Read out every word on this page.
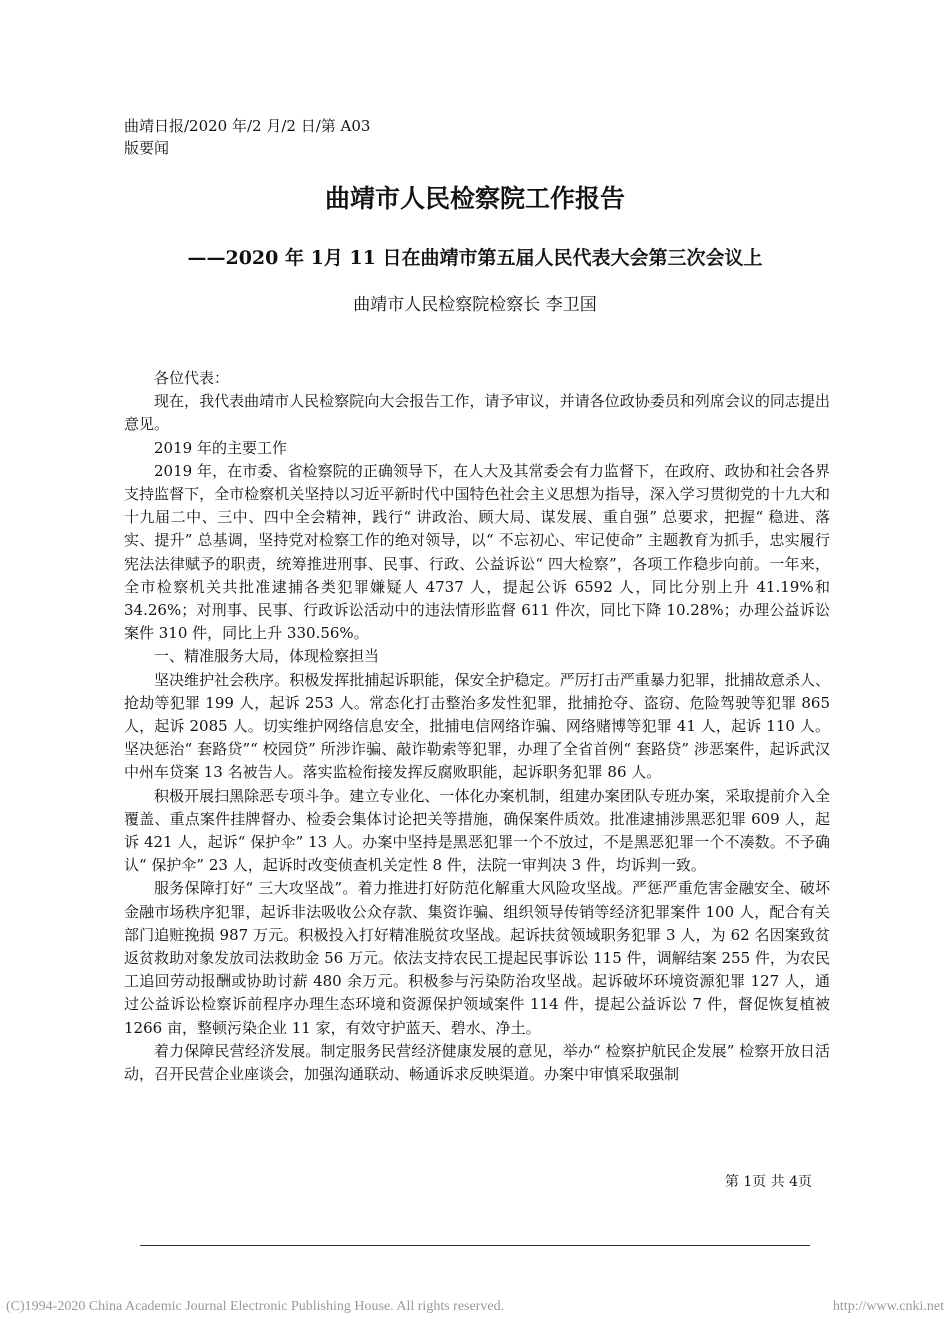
曲靖日报/2020 年/2 月/2 日/第 A03
版要闻
曲靖市人民检察院工作报告
——2020 年 1月 11 日在曲靖市第五届人民代表大会第三次会议上
曲靖市人民检察院检察长 李卫国

各位代表：

现在，我代表曲靖市人民检察院向大会报告工作，请予审议，并请各位政协委员和列席会议的同志提出意见。

2019 年的主要工作

2019 年，在市委、省检察院的正确领导下，在人大及其常委会有力监督下，在政府、政协和社会各界支持监督下，全市检察机关坚持以习近平新时代中国特色社会主义思想为指导，深入学习贯彻党的十九大和十九届二中、三中、四中全会精神，践行“ 讲政治、顾大局、谋发展、重自强” 总要求，把握“ 稳进、落实、提升” 总基调，坚持党对检察工作的绝对领导，以“ 不忘初心、牢记使命” 主题教育为抓手，忠实履行宪法法律赋予的职责，统筹推进刑事、民事、行政、公益诉讼“ 四大检察”，各项工作稳步向前。一年来，全市检察机关共批准逮捕各类犯罪嫌疑人 4737 人，提起公诉 6592 人，同比分别上升 41.19%和 34.26%；对刑事、民事、行政诉讼活动中的违法情形监督 611 件次，同比下降 10.28%；办理公益诉讼案件 310 件，同比上升 330.56%。

一、精准服务大局，体现检察担当

坚决维护社会秩序。积极发挥批捕起诉职能，保安全护稳定。严厉打击严重暴力犯罪，批捕故意杀人、抢劫等犯罪 199 人，起诉 253 人。常态化打击整治多发性犯罪，批捕抢夺、盗窃、危险驾驶等犯罪 865 人，起诉 2085 人。切实维护网络信息安全，批捕电信网络诈骗、网络赌博等犯罪 41 人，起诉 110 人。坚决惩治“ 套路贷”“ 校园贷” 所涉诈骗、敲诈勒索等犯罪，办理了全省首例“ 套路贷” 涉恶案件，起诉武汉中州车贷案 13 名被告人。落实监检衔接发挥反腐败职能，起诉职务犯罪 86 人。

积极开展扫黑除恶专项斗争。建立专业化、一体化办案机制，组建办案团队专班办案，采取提前介入全覆盖、重点案件挂牌督办、检委会集体讨论把关等措施，确保案件质效。批准逮捕涉黑恶犯罪 609 人，起诉 421 人，起诉“ 保护伞” 13 人。办案中坚持是黑恶犯罪一个不放过，不是黑恶犯罪一个不凑数。不予确认“ 保护伞” 23 人，起诉时改变侦查机关定性 8 件，法院一审判决 3 件，均诉判一致。

服务保障打好“ 三大攻坚战”。着力推进打好防范化解重大风险攻坚战。严惩严重危害金融安全、破坏金融市场秩序犯罪，起诉非法吸收公众存款、集资诈骗、组织领导传销等经济犯罪案件 100 人，配合有关部门追赃挽损 987 万元。积极投入打好精准脱贫攻坚战。起诉扶贫领域职务犯罪 3 人，为 62 名因案致贫返贫救助对象发放司法救助金 56 万元。依法支持农民工提起民事诉讼 115 件，调解结案 255 件，为农民工追回劳动报酬或协助讨薪 480 余万元。积极参与污染防治攻坚战。起诉破坏环境资源犯罪 127 人，通过公益诉讼检察诉前程序办理生态环境和资源保护领域案件 114 件，提起公益诉讼 7 件，督促恢复植被 1266 亩，整顿污染企业 11 家，有效守护蓝天、碧水、净土。

着力保障民营经济发展。制定服务民营经济健康发展的意见，举办“ 检察护航民企发展” 检察开放日活动，召开民营企业座谈会，加强沟通联动、畅通诉求反映渠道。办案中审慎采取强制

第 1页 共 4页
(C)1994-2020 China Academic Journal Electronic Publishing House. All rights reserved.	http://www.cnki.net
